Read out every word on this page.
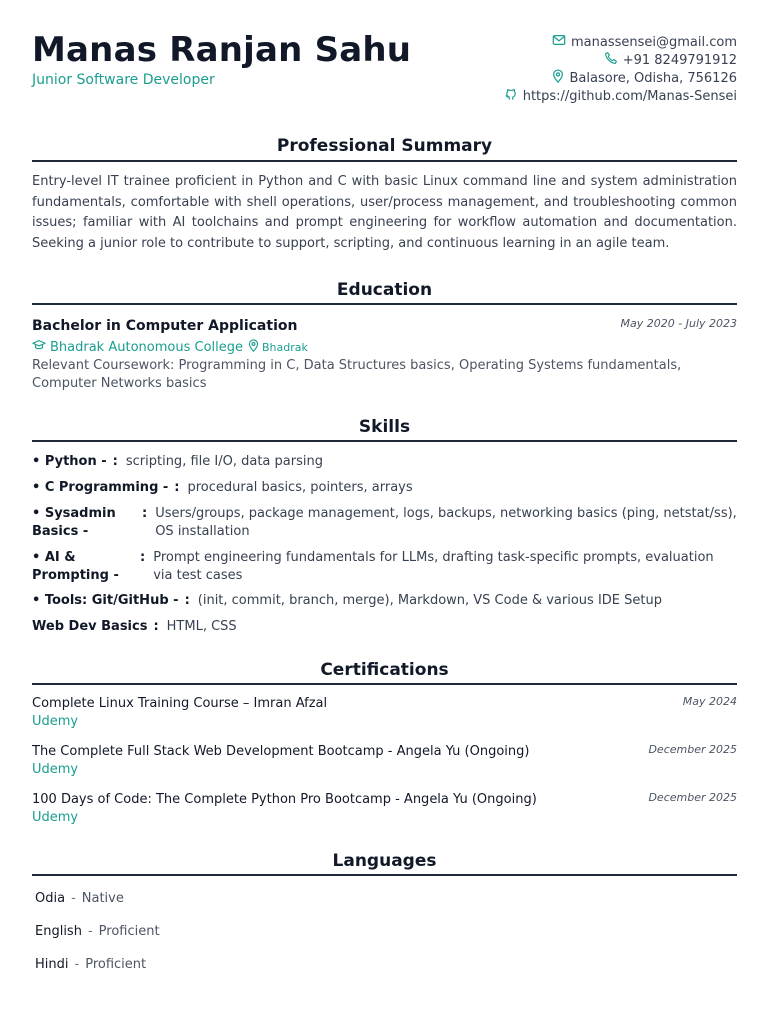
Manas Ranjan Sahu
Junior Software Developer
manassensei@gmail.com
+91 8249791912
Balasore, Odisha, 756126
https://github.com/Manas-Sensei
Professional Summary
Entry-level IT trainee proficient in Python and C with basic Linux command line and system administration fundamentals, comfortable with shell operations, user/process management, and troubleshooting common issues; familiar with AI toolchains and prompt engineering for workflow automation and documentation. Seeking a junior role to contribute to support, scripting, and continuous learning in an agile team.
Education
Bachelor in Computer Application	May 2020 - July 2023
Bhadrak Autonomous College Bhadrak
Relevant Coursework: Programming in C, Data Structures basics, Operating Systems fundamentals, Computer Networks basics
Skills
• Python - : scripting, file I/O, data parsing
• C Programming - : procedural basics, pointers, arrays
• Sysadmin Basics -
: Users/groups, package management, logs, backups, networking basics (ping, netstat/ss), OS installation
• AI & Prompting -
: Prompt engineering fundamentals for LLMs, drafting task-specific prompts, evaluation via test cases
• Tools: Git/GitHub - : (init, commit, branch, merge), Markdown, VS Code & various IDE Setup
Web Dev Basics : HTML, CSS
Certifications
Complete Linux Training Course – Imran Afzal	May 2024
Udemy
The Complete Full Stack Web Development Bootcamp - Angela Yu (Ongoing)	December 2025
Udemy
100 Days of Code: The Complete Python Pro Bootcamp - Angela Yu (Ongoing)	December 2025
Udemy
Languages
Odia - Native
English - Proficient
Hindi - Proficient
